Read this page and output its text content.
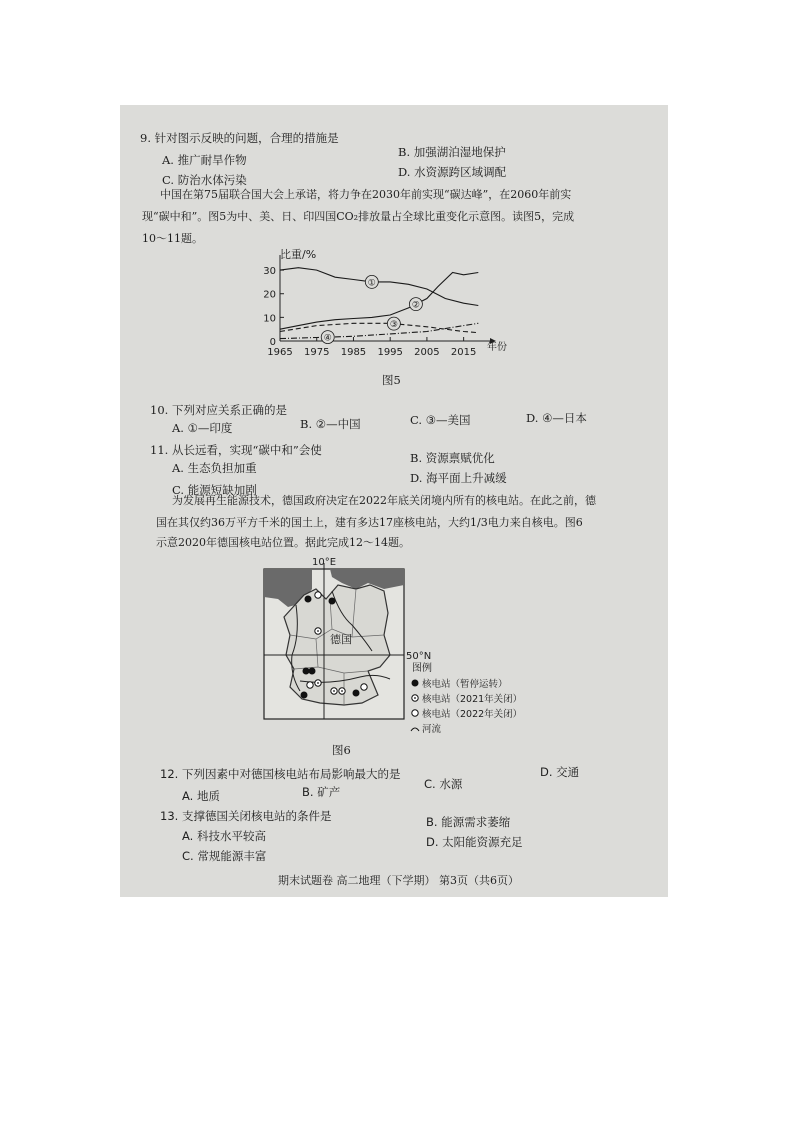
9. 针对图示反映的问题，合理的措施是
A. 推广耐旱作物
B. 加强湖泊湿地保护
C. 防治水体污染
D. 水资源跨区域调配
中国在第75届联合国大会上承诺，将力争在2030年前实现“碳达峰”，在2060年前实
现“碳中和”。图5为中、美、日、印四国CO₂排放量占全球比重变化示意图。读图5，完成
10～11题。
比重/%
年份
0
10
20
30
1965 1975 1985 1995 2005 2015
①
②
③
④
图5
10. 下列对应关系正确的是
A. ①—印度	B. ②—中国	C. ③—美国	D. ④—日本
11. 从长远看，实现“碳中和”会使
A. 生态负担加重
B. 资源禀赋优化
C. 能源短缺加剧
D. 海平面上升减缓
为发展再生能源技术，德国政府决定在2022年底关闭境内所有的核电站。在此之前，德
国在其仅约36万平方千米的国土上，建有多达17座核电站，大约1/3电力来自核电。图6
示意2020年德国核电站位置。据此完成12～14题。
10°E
50°N
德国
图例
核电站（暂停运转）
核电站（2021年关闭）
核电站（2022年关闭）
河流
图6
12. 下列因素中对德国核电站布局影响最大的是
A. 地质	B. 矿产
C. 水源
D. 交通
13. 支撑德国关闭核电站的条件是
A. 科技水平较高
B. 能源需求萎缩
C. 常规能源丰富
D. 太阳能资源充足
期末试题卷 高二地理（下学期） 第3页（共6页）
